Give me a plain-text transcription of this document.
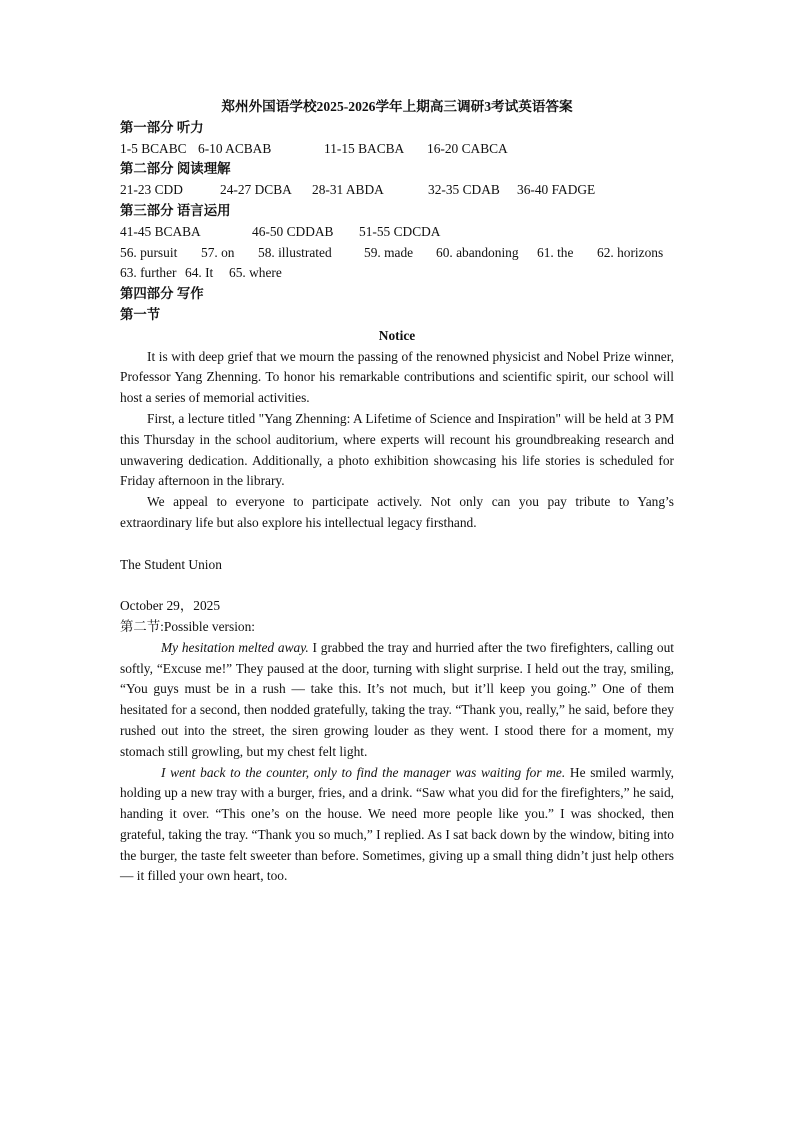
郑州外国语学校2025-2026学年上期高三调研3考试英语答案
第一部分 听力
1-5 BCABC 6-10 ACBAB	11-15 BACBA 16-20 CABCA
第二部分 阅读理解
21-23 CDD	24-27 DCBA 28-31 ABDA	32-35 CDAB 36-40 FADGE
第三部分 语言运用
41-45 BCABA	46-50 CDDAB 51-55 CDCDA
56. pursuit 57. on 58. illustrated 59. made 60. abandoning 61. the 62. horizons
63. further 64. It 65. where
第四部分 写作
第一节
Notice

It is with deep grief that we mourn the passing of the renowned physicist and Nobel Prize winner, Professor Yang Zhenning. To honor his remarkable contributions and scientific spirit, our school will host a series of memorial activities.

First, a lecture titled "Yang Zhenning: A Lifetime of Science and Inspiration" will be held at 3 PM this Thursday in the school auditorium, where experts will recount his groundbreaking research and unwavering dedication. Additionally, a photo exhibition showcasing his life stories is scheduled for Friday afternoon in the library.

We appeal to everyone to participate actively. Not only can you pay tribute to Yang’s extraordinary life but also explore his intellectual legacy firsthand.

The Student Union
October 29，2025
第二节:Possible version:

My hesitation melted away. I grabbed the tray and hurried after the two firefighters, calling out softly, “Excuse me!” They paused at the door, turning with slight surprise. I held out the tray, smiling, “You guys must be in a rush — take this. It’s not much, but it’ll keep you going.” One of them hesitated for a second, then nodded gratefully, taking the tray. “Thank you, really,” he said, before they rushed out into the street, the siren growing louder as they went. I stood there for a moment, my stomach still growling, but my chest felt light.

I went back to the counter, only to find the manager was waiting for me. He smiled warmly, holding up a new tray with a burger, fries, and a drink. “Saw what you did for the firefighters,” he said, handing it over. “This one’s on the house. We need more people like you.” I was shocked, then grateful, taking the tray. “Thank you so much,” I replied. As I sat back down by the window, biting into the burger, the taste felt sweeter than before. Sometimes, giving up a small thing didn’t just help others — it filled your own heart, too.
